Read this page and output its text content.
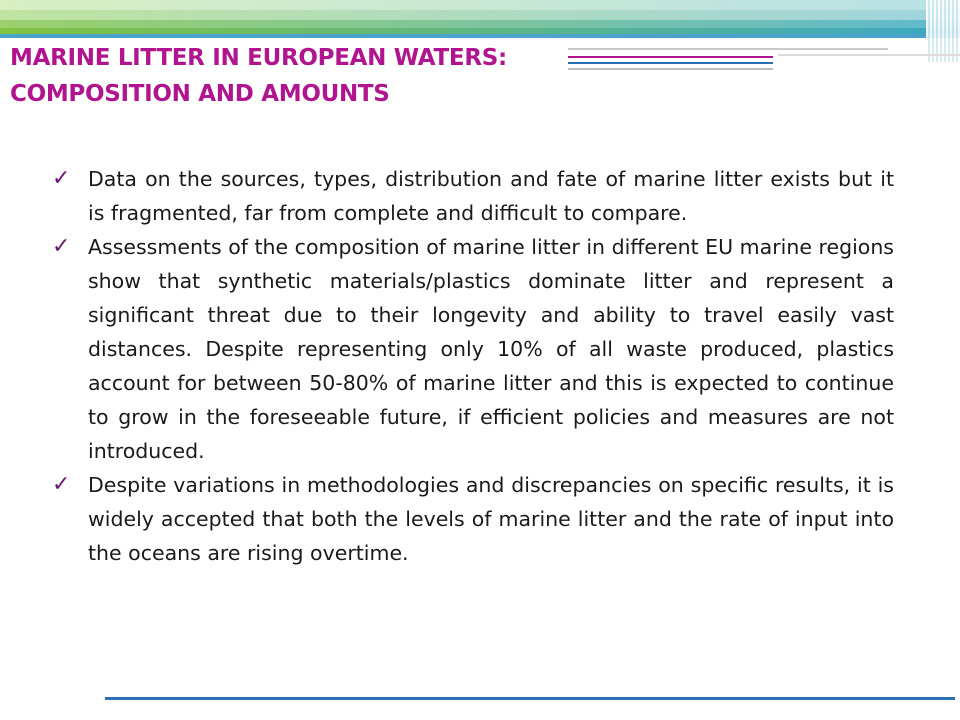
MARINE LITTER IN EUROPEAN WATERS:
COMPOSITION AND AMOUNTS
✓ Data on the sources, types, distribution and fate of marine litter exists but it is fragmented, far from complete and difficult to compare.
✓ Assessments of the composition of marine litter in different EU marine regions show that synthetic materials/plastics dominate litter and represent a significant threat due to their longevity and ability to travel easily vast distances. Despite representing only 10% of all waste produced, plastics account for between 50-80% of marine litter and this is expected to continue to grow in the foreseeable future, if efficient policies and measures are not introduced.
✓ Despite variations in methodologies and discrepancies on specific results, it is widely accepted that both the levels of marine litter and the rate of input into the oceans are rising overtime.
